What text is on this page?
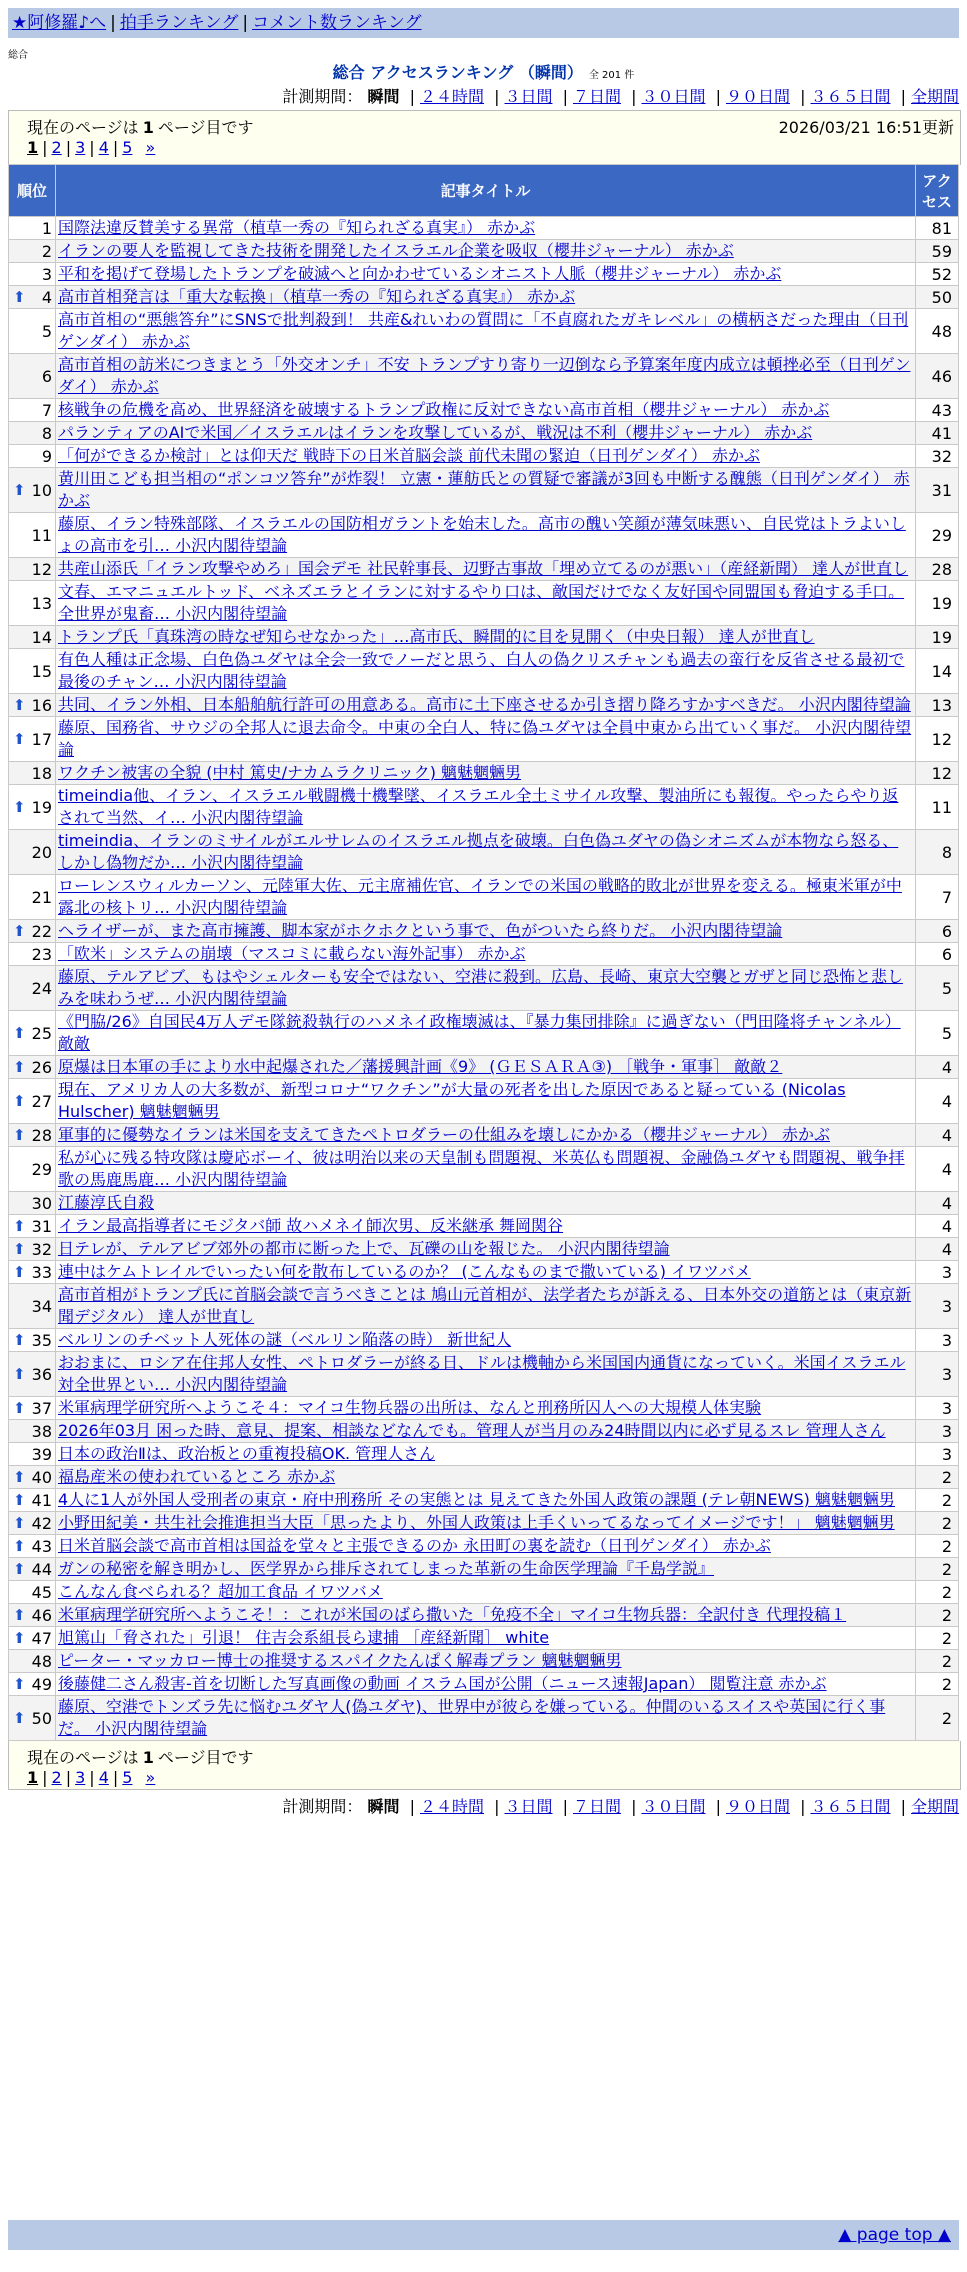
★阿修羅♪へ | 拍手ランキング | コメント数ランキング
総合
総合 アクセスランキング （瞬間） 全 201 件
計測期間： 瞬間 | ２４時間 | ３日間 | ７日間 | ３０日間 | ９０日間 | ３６５日間 | 全期間
現在のページは 1 ページ目です	2026/03/21 16:51更新
1 | 2 | 3 | 4 | 5 »
順位	記事タイトル	アクセス
1	国際法違反賛美する異常（植草一秀の『知られざる真実』） 赤かぶ	81
2	イランの要人を監視してきた技術を開発したイスラエル企業を吸収（櫻井ジャーナル） 赤かぶ	59
3	平和を掲げて登場したトランプを破滅へと向かわせているシオニスト人脈（櫻井ジャーナル） 赤かぶ	52

⬆ 4	高市首相発言は「重大な転換」（植草一秀の『知られざる真実』） 赤かぶ	50
5	高市首相の“悪態答弁”にSNSで批判殺到！ 共産&れいわの質問に「不貞腐れたガキレベル」の横柄さだった理由（日刊ゲンダイ） 赤かぶ	48
6	高市首相の訪米につきまとう「外交オンチ」不安 トランプすり寄り一辺倒なら予算案年度内成立は頓挫必至（日刊ゲンダイ） 赤かぶ	46
7	核戦争の危機を高め、世界経済を破壊するトランプ政権に反対できない高市首相（櫻井ジャーナル） 赤かぶ	43
8	パランティアのAIで米国／イスラエルはイランを攻撃しているが、戦況は不利（櫻井ジャーナル） 赤かぶ	41
9	「何ができるか検討」とは仰天だ 戦時下の日米首脳会談 前代未聞の緊迫（日刊ゲンダイ） 赤かぶ	32

⬆ 10	黄川田こども担当相の“ポンコツ答弁”が炸裂！ 立憲・蓮舫氏との質疑で審議が3回も中断する醜態（日刊ゲンダイ） 赤かぶ	31
11	藤原、イラン特殊部隊、イスラエルの国防相ガラントを始末した。高市の醜い笑顔が薄気味悪い、自民党はトラよいしょの高市を引… 小沢内閣待望論	29
12	共産山添氏「イラン攻撃やめろ」国会デモ 社民幹事長、辺野古事故「埋め立てるのが悪い」（産経新聞） 達人が世直し	28
13	文春、エマニュエルトッド、ベネズエラとイランに対するやり口は、敵国だけでなく友好国や同盟国も脅迫する手口。全世界が鬼畜… 小沢内閣待望論	19
14	トランプ氏「真珠湾の時なぜ知らせなかった」…高市氏、瞬間的に目を見開く（中央日報） 達人が世直し	19
15	有色人種は正念場、白色偽ユダヤは全会一致でノーだと思う、白人の偽クリスチャンも過去の蛮行を反省させる最初で最後のチャン… 小沢内閣待望論	14

⬆ 16	共同、イラン外相、日本船舶航行許可の用意ある。高市に土下座させるか引き摺り降ろすかすべきだ。 小沢内閣待望論	13

⬆ 17	藤原、国務省、サウジの全邦人に退去命令。中東の全白人、特に偽ユダヤは全員中東から出ていく事だ。 小沢内閣待望論	12
18	ワクチン被害の全貌 (中村 篤史/ナカムラクリニック) 魑魅魍魎男	12

⬆ 19	timeindia他、イラン、イスラエル戦闘機十機撃墜、イスラエル全土ミサイル攻撃、製油所にも報復。やったらやり返されて当然、イ… 小沢内閣待望論	11
20	timeindia、イランのミサイルがエルサレムのイスラエル拠点を破壊。白色偽ユダヤの偽シオニズムが本物なら怒る、しかし偽物だか… 小沢内閣待望論	8
21	ローレンスウィルカーソン、元陸軍大佐、元主席補佐官、イランでの米国の戦略的敗北が世界を変える。極東米軍が中露北の核トリ… 小沢内閣待望論	7

⬆ 22	ヘライザーが、また高市擁護、脚本家がホクホクという事で、色がついたら終りだ。 小沢内閣待望論	6
23	「欧米」システムの崩壊（マスコミに載らない海外記事） 赤かぶ	6
24	藤原、テルアビブ、もはやシェルターも安全ではない、空港に殺到。広島、長崎、東京大空襲とガザと同じ恐怖と悲しみを味わうぜ… 小沢内閣待望論	5

⬆ 25	《門脇/26》自国民4万人デモ隊銃殺執行のハメネイ政権壊滅は、『暴力集団排除』に過ぎない（門田隆将チャンネル） 敵敵	5

⬆ 26	原爆は日本軍の手により水中起爆された／藩援興計画《9》 (ＧＥＳＡＲＡ③) ［戦争・軍事］ 敵敵２	4

⬆ 27	現在、アメリカ人の大多数が、新型コロナ“ワクチン”が大量の死者を出した原因であると疑っている (Nicolas Hulscher) 魑魅魍魎男	4

⬆ 28	軍事的に優勢なイランは米国を支えてきたペトロダラーの仕組みを壊しにかかる（櫻井ジャーナル） 赤かぶ	4
29	私が心に残る特攻隊は慶応ボーイ、彼は明治以来の天皇制も問題視、米英仏も問題視、金融偽ユダヤも問題視、戦争拝歌の馬鹿馬鹿… 小沢内閣待望論	4
30	江藤淳氏自殺	4

⬆ 31	イラン最高指導者にモジタバ師 故ハメネイ師次男、反米継承 舞岡関谷	4

⬆ 32	日テレが、テルアビブ郊外の都市に断った上で、瓦礫の山を報じた。 小沢内閣待望論	4

⬆ 33	連中はケムトレイルでいったい何を散布しているのか？ (こんなものまで撒いている) イワツバメ	3
34	高市首相がトランプ氏に首脳会談で言うべきことは 鳩山元首相が、法学者たちが訴える、日本外交の道筋とは（東京新聞デジタル） 達人が世直し	3

⬆ 35	ベルリンのチベット人死体の謎（ベルリン陥落の時） 新世紀人	3

⬆ 36	おおまに、ロシア在住邦人女性、ペトロダラーが終る日、ドルは機軸から米国国内通貨になっていく。米国イスラエル対全世界とい… 小沢内閣待望論	3

⬆ 37	米軍病理学研究所へようこそ４：マイコ生物兵器の出所は、なんと刑務所囚人への大規模人体実験	3
38	2026年03月 困った時、意見、提案、相談などなんでも。管理人が当月のみ24時間以内に必ず見るスレ 管理人さん	3
39	日本の政治Ⅱは、政治板との重複投稿OK. 管理人さん	3

⬆ 40	福島産米の使われているところ 赤かぶ	2

⬆ 41	4人に1人が外国人受刑者の東京・府中刑務所 その実態とは 見えてきた外国人政策の課題 (テレ朝NEWS) 魑魅魍魎男	2

⬆ 42	小野田紀美・共生社会推進担当大臣「思ったより、外国人政策は上手くいってるなってイメージです！」 魑魅魍魎男	2

⬆ 43	日米首脳会談で高市首相は国益を堂々と主張できるのか 永田町の裏を読む（日刊ゲンダイ） 赤かぶ	2

⬆ 44	ガンの秘密を解き明かし、医学界から排斥されてしまった革新の生命医学理論『千島学説』	2
45	こんなん食べられる？超加工食品 イワツバメ	2

⬆ 46	米軍病理学研究所へようこそ！：これが米国のばら撒いた「免疫不全」マイコ生物兵器：全訳付き 代理投稿１	2

⬆ 47	旭篤山「脅された」引退！ 住吉会系組長ら逮捕 ［産経新聞］ white	2
48	ピーター・マッカロー博士の推奨するスパイクたんぱく解毒プラン 魑魅魍魎男	2

⬆ 49	後藤健二さん殺害-首を切断した写真画像の動画 イスラム国が公開（ニュース速報Japan） 閲覧注意 赤かぶ	2

⬆ 50	藤原、空港でトンズラ先に悩むユダヤ人(偽ユダヤ)、世界中が彼らを嫌っている。仲間のいるスイスや英国に行く事だ。 小沢内閣待望論	2
現在のページは 1 ページ目です
1 | 2 | 3 | 4 | 5 »
計測期間： 瞬間 | ２４時間 | ３日間 | ７日間 | ３０日間 | ９０日間 | ３６５日間 | 全期間
▲ page top ▲
